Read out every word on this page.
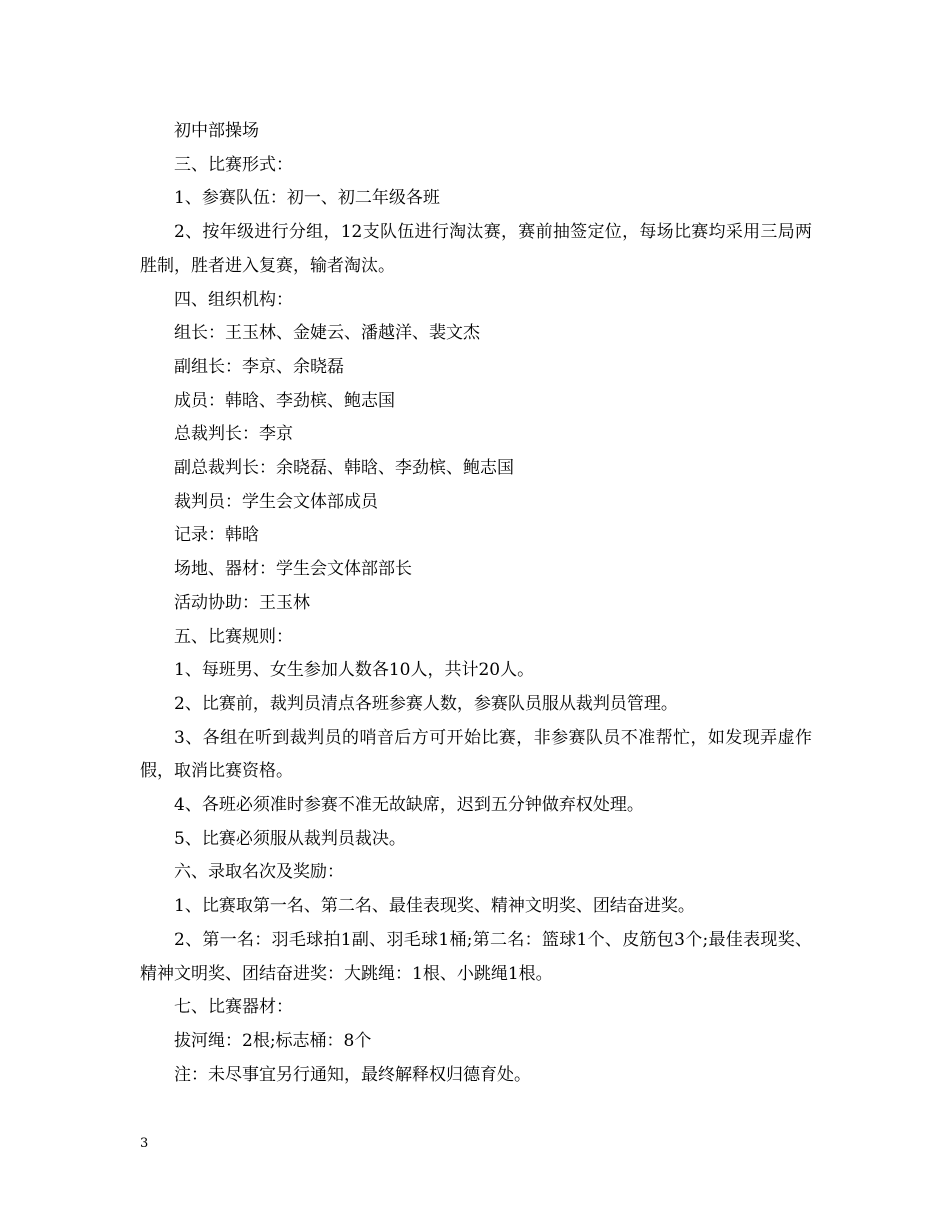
初中部操场

三、比赛形式：

1、参赛队伍：初一、初二年级各班

2、按年级进行分组，12支队伍进行淘汰赛，赛前抽签定位，每场比赛均采用三局两胜制，胜者进入复赛，输者淘汰。

四、组织机构：

组长：王玉林、金婕云、潘越洋、裴文杰

副组长：李京、余晓磊

成员：韩晗、李劲槟、鲍志国

总裁判长：李京

副总裁判长：余晓磊、韩晗、李劲槟、鲍志国

裁判员：学生会文体部成员

记录：韩晗

场地、器材：学生会文体部部长

活动协助：王玉林

五、比赛规则：

1、每班男、女生参加人数各10人，共计20人。

2、比赛前，裁判员清点各班参赛人数，参赛队员服从裁判员管理。

3、各组在听到裁判员的哨音后方可开始比赛，非参赛队员不准帮忙，如发现弄虚作假，取消比赛资格。

4、各班必须准时参赛不准无故缺席，迟到五分钟做弃权处理。

5、比赛必须服从裁判员裁决。

六、录取名次及奖励：

1、比赛取第一名、第二名、最佳表现奖、精神文明奖、团结奋进奖。

2、第一名：羽毛球拍1副、羽毛球1桶;第二名：篮球1个、皮筋包3个;最佳表现奖、精神文明奖、团结奋进奖：大跳绳：1根、小跳绳1根。

七、比赛器材：

拔河绳：2根;标志桶：8个

注：未尽事宜另行通知，最终解释权归德育处。

3
